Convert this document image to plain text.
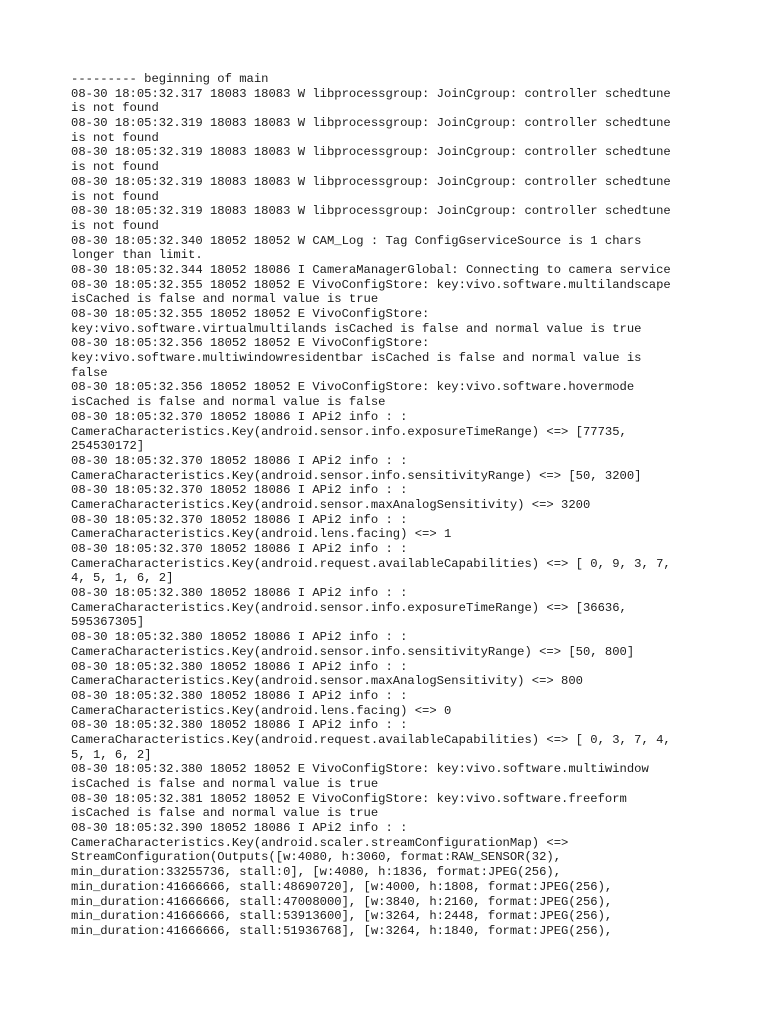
--------- beginning of main
08-30 18:05:32.317 18083 18083 W libprocessgroup: JoinCgroup: controller schedtune
is not found
08-30 18:05:32.319 18083 18083 W libprocessgroup: JoinCgroup: controller schedtune
is not found
08-30 18:05:32.319 18083 18083 W libprocessgroup: JoinCgroup: controller schedtune
is not found
08-30 18:05:32.319 18083 18083 W libprocessgroup: JoinCgroup: controller schedtune
is not found
08-30 18:05:32.319 18083 18083 W libprocessgroup: JoinCgroup: controller schedtune
is not found
08-30 18:05:32.340 18052 18052 W CAM_Log : Tag ConfigGserviceSource is 1 chars
longer than limit.
08-30 18:05:32.344 18052 18086 I CameraManagerGlobal: Connecting to camera service
08-30 18:05:32.355 18052 18052 E VivoConfigStore: key:vivo.software.multilandscape
isCached is false and normal value is true
08-30 18:05:32.355 18052 18052 E VivoConfigStore:
key:vivo.software.virtualmultilands isCached is false and normal value is true
08-30 18:05:32.356 18052 18052 E VivoConfigStore:
key:vivo.software.multiwindowresidentbar isCached is false and normal value is
false
08-30 18:05:32.356 18052 18052 E VivoConfigStore: key:vivo.software.hovermode
isCached is false and normal value is false
08-30 18:05:32.370 18052 18086 I APi2 info : :
CameraCharacteristics.Key(android.sensor.info.exposureTimeRange) <=> [77735,
254530172]
08-30 18:05:32.370 18052 18086 I APi2 info : :
CameraCharacteristics.Key(android.sensor.info.sensitivityRange) <=> [50, 3200]
08-30 18:05:32.370 18052 18086 I APi2 info : :
CameraCharacteristics.Key(android.sensor.maxAnalogSensitivity) <=> 3200
08-30 18:05:32.370 18052 18086 I APi2 info : :
CameraCharacteristics.Key(android.lens.facing) <=> 1
08-30 18:05:32.370 18052 18086 I APi2 info : :
CameraCharacteristics.Key(android.request.availableCapabilities) <=> [ 0, 9, 3, 7,
4, 5, 1, 6, 2]
08-30 18:05:32.380 18052 18086 I APi2 info : :
CameraCharacteristics.Key(android.sensor.info.exposureTimeRange) <=> [36636,
595367305]
08-30 18:05:32.380 18052 18086 I APi2 info : :
CameraCharacteristics.Key(android.sensor.info.sensitivityRange) <=> [50, 800]
08-30 18:05:32.380 18052 18086 I APi2 info : :
CameraCharacteristics.Key(android.sensor.maxAnalogSensitivity) <=> 800
08-30 18:05:32.380 18052 18086 I APi2 info : :
CameraCharacteristics.Key(android.lens.facing) <=> 0
08-30 18:05:32.380 18052 18086 I APi2 info : :
CameraCharacteristics.Key(android.request.availableCapabilities) <=> [ 0, 3, 7, 4,
5, 1, 6, 2]
08-30 18:05:32.380 18052 18052 E VivoConfigStore: key:vivo.software.multiwindow
isCached is false and normal value is true
08-30 18:05:32.381 18052 18052 E VivoConfigStore: key:vivo.software.freeform
isCached is false and normal value is true
08-30 18:05:32.390 18052 18086 I APi2 info : :
CameraCharacteristics.Key(android.scaler.streamConfigurationMap) <=>
StreamConfiguration(Outputs([w:4080, h:3060, format:RAW_SENSOR(32),
min_duration:33255736, stall:0], [w:4080, h:1836, format:JPEG(256),
min_duration:41666666, stall:48690720], [w:4000, h:1808, format:JPEG(256),
min_duration:41666666, stall:47008000], [w:3840, h:2160, format:JPEG(256),
min_duration:41666666, stall:53913600], [w:3264, h:2448, format:JPEG(256),
min_duration:41666666, stall:51936768], [w:3264, h:1840, format:JPEG(256),
